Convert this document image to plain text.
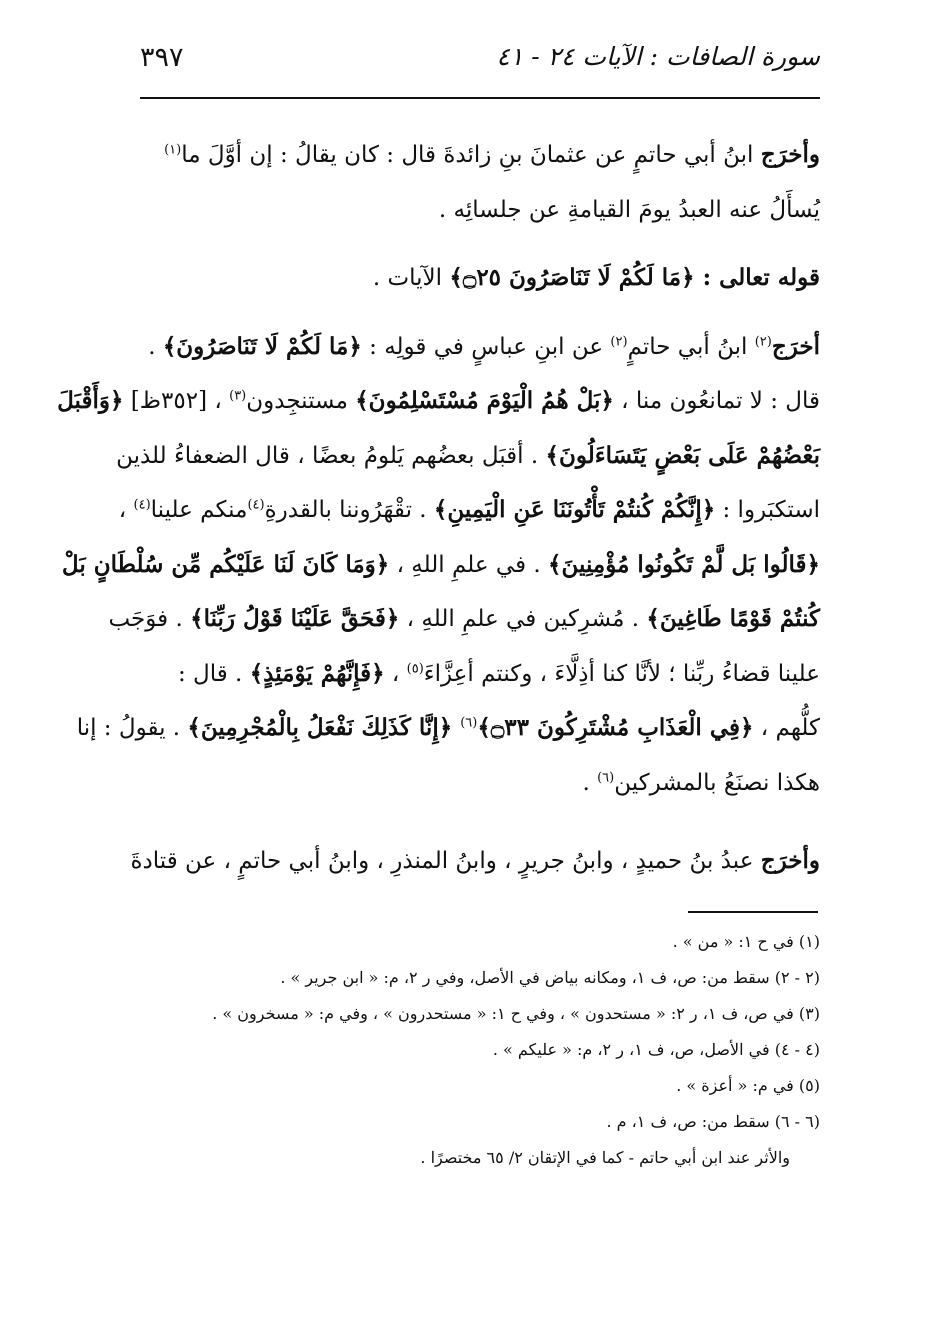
سورة الصافات : الآيات ٢٤ - ٤١
٣٩٧
وأخرَج ابنُ أبي حاتمٍ عن عثمانَ بنِ زائدةَ قال : كان يقالُ : إن أوَّلَ ما$^{(١)}$
يُسأَلُ عنه العبدُ يومَ القيامةِ عن جلسائِه .
قوله تعالى : ﴿مَا لَكُمْ لَا تَنَاصَرُونَ ۝٢٥﴾ الآيات .
أخرَج$^{(٢)}$ ابنُ أبي حاتمٍ$^{(٢)}$ عن ابنِ عباسٍ في قولِه : ﴿مَا لَكُمْ لَا تَنَاصَرُونَ﴾ .
قال : لا تمانعُون منا ، ﴿بَلْ هُمُ الْيَوْمَ مُسْتَسْلِمُونَ﴾ مستنجِدون$^{(٣)}$ ، [٣٥٢ظ] ﴿وَأَقْبَلَ
بَعْضُهُمْ عَلَى بَعْضٍ يَتَسَاءَلُونَ﴾ . أقبَل بعضُهم يَلومُ بعضًا ، قال الضعفاءُ للذين
استكبَروا : ﴿إِنَّكُمْ كُنتُمْ تَأْتُونَنَا عَنِ الْيَمِينِ﴾ . تقْهَرُوننا بالقدرةِ$^{(٤)}$منكم علينا$^{(٤)}$ ،
﴿قَالُوا بَل لَّمْ تَكُونُوا مُؤْمِنِينَ﴾ . في علمِ اللهِ ، ﴿وَمَا كَانَ لَنَا عَلَيْكُم مِّن سُلْطَانٍ بَلْ
كُنتُمْ قَوْمًا طَاغِينَ﴾ . مُشرِكين في علمِ اللهِ ، ﴿فَحَقَّ عَلَيْنَا قَوْلُ رَبِّنَا﴾ . فوَجَب
علينا قضاءُ ربِّنا ؛ لأنَّا كنا أذِلَّاءَ ، وكنتم أعِزَّاءَ$^{(٥)}$ ، ﴿فَإِنَّهُمْ يَوْمَئِذٍ﴾ . قال :
كلُّهم ، ﴿فِي الْعَذَابِ مُشْتَرِكُونَ ۝٣٣﴾$^{(٦)}$ ﴿إِنَّا كَذَلِكَ نَفْعَلُ بِالْمُجْرِمِينَ﴾ . يقولُ : إنا
هكذا نصنَعُ بالمشركين$^{(٦)}$ .
وأخرَج عبدُ بنُ حميدٍ ، وابنُ جريرٍ ، وابنُ المنذرِ ، وابنُ أبي حاتمٍ ، عن قتادةَ
(١) في ح ١: « من » .
(٢ - ٢) سقط من: ص، ف ١، ومكانه بياض في الأصل، وفي ر ٢، م: « ابن جرير » .
(٣) في ص، ف ١، ر ٢: « مستحدون » ، وفي ح ١: « مستحدرون » ، وفي م: « مسخرون » .
(٤ - ٤) في الأصل، ص، ف ١، ر ٢، م: « عليكم » .
(٥) في م: « أعزة » .
(٦ - ٦) سقط من: ص، ف ١، م .
والأثر عند ابن أبي حاتم - كما في الإتقان ٢/ ٦٥ مختصرًا .
